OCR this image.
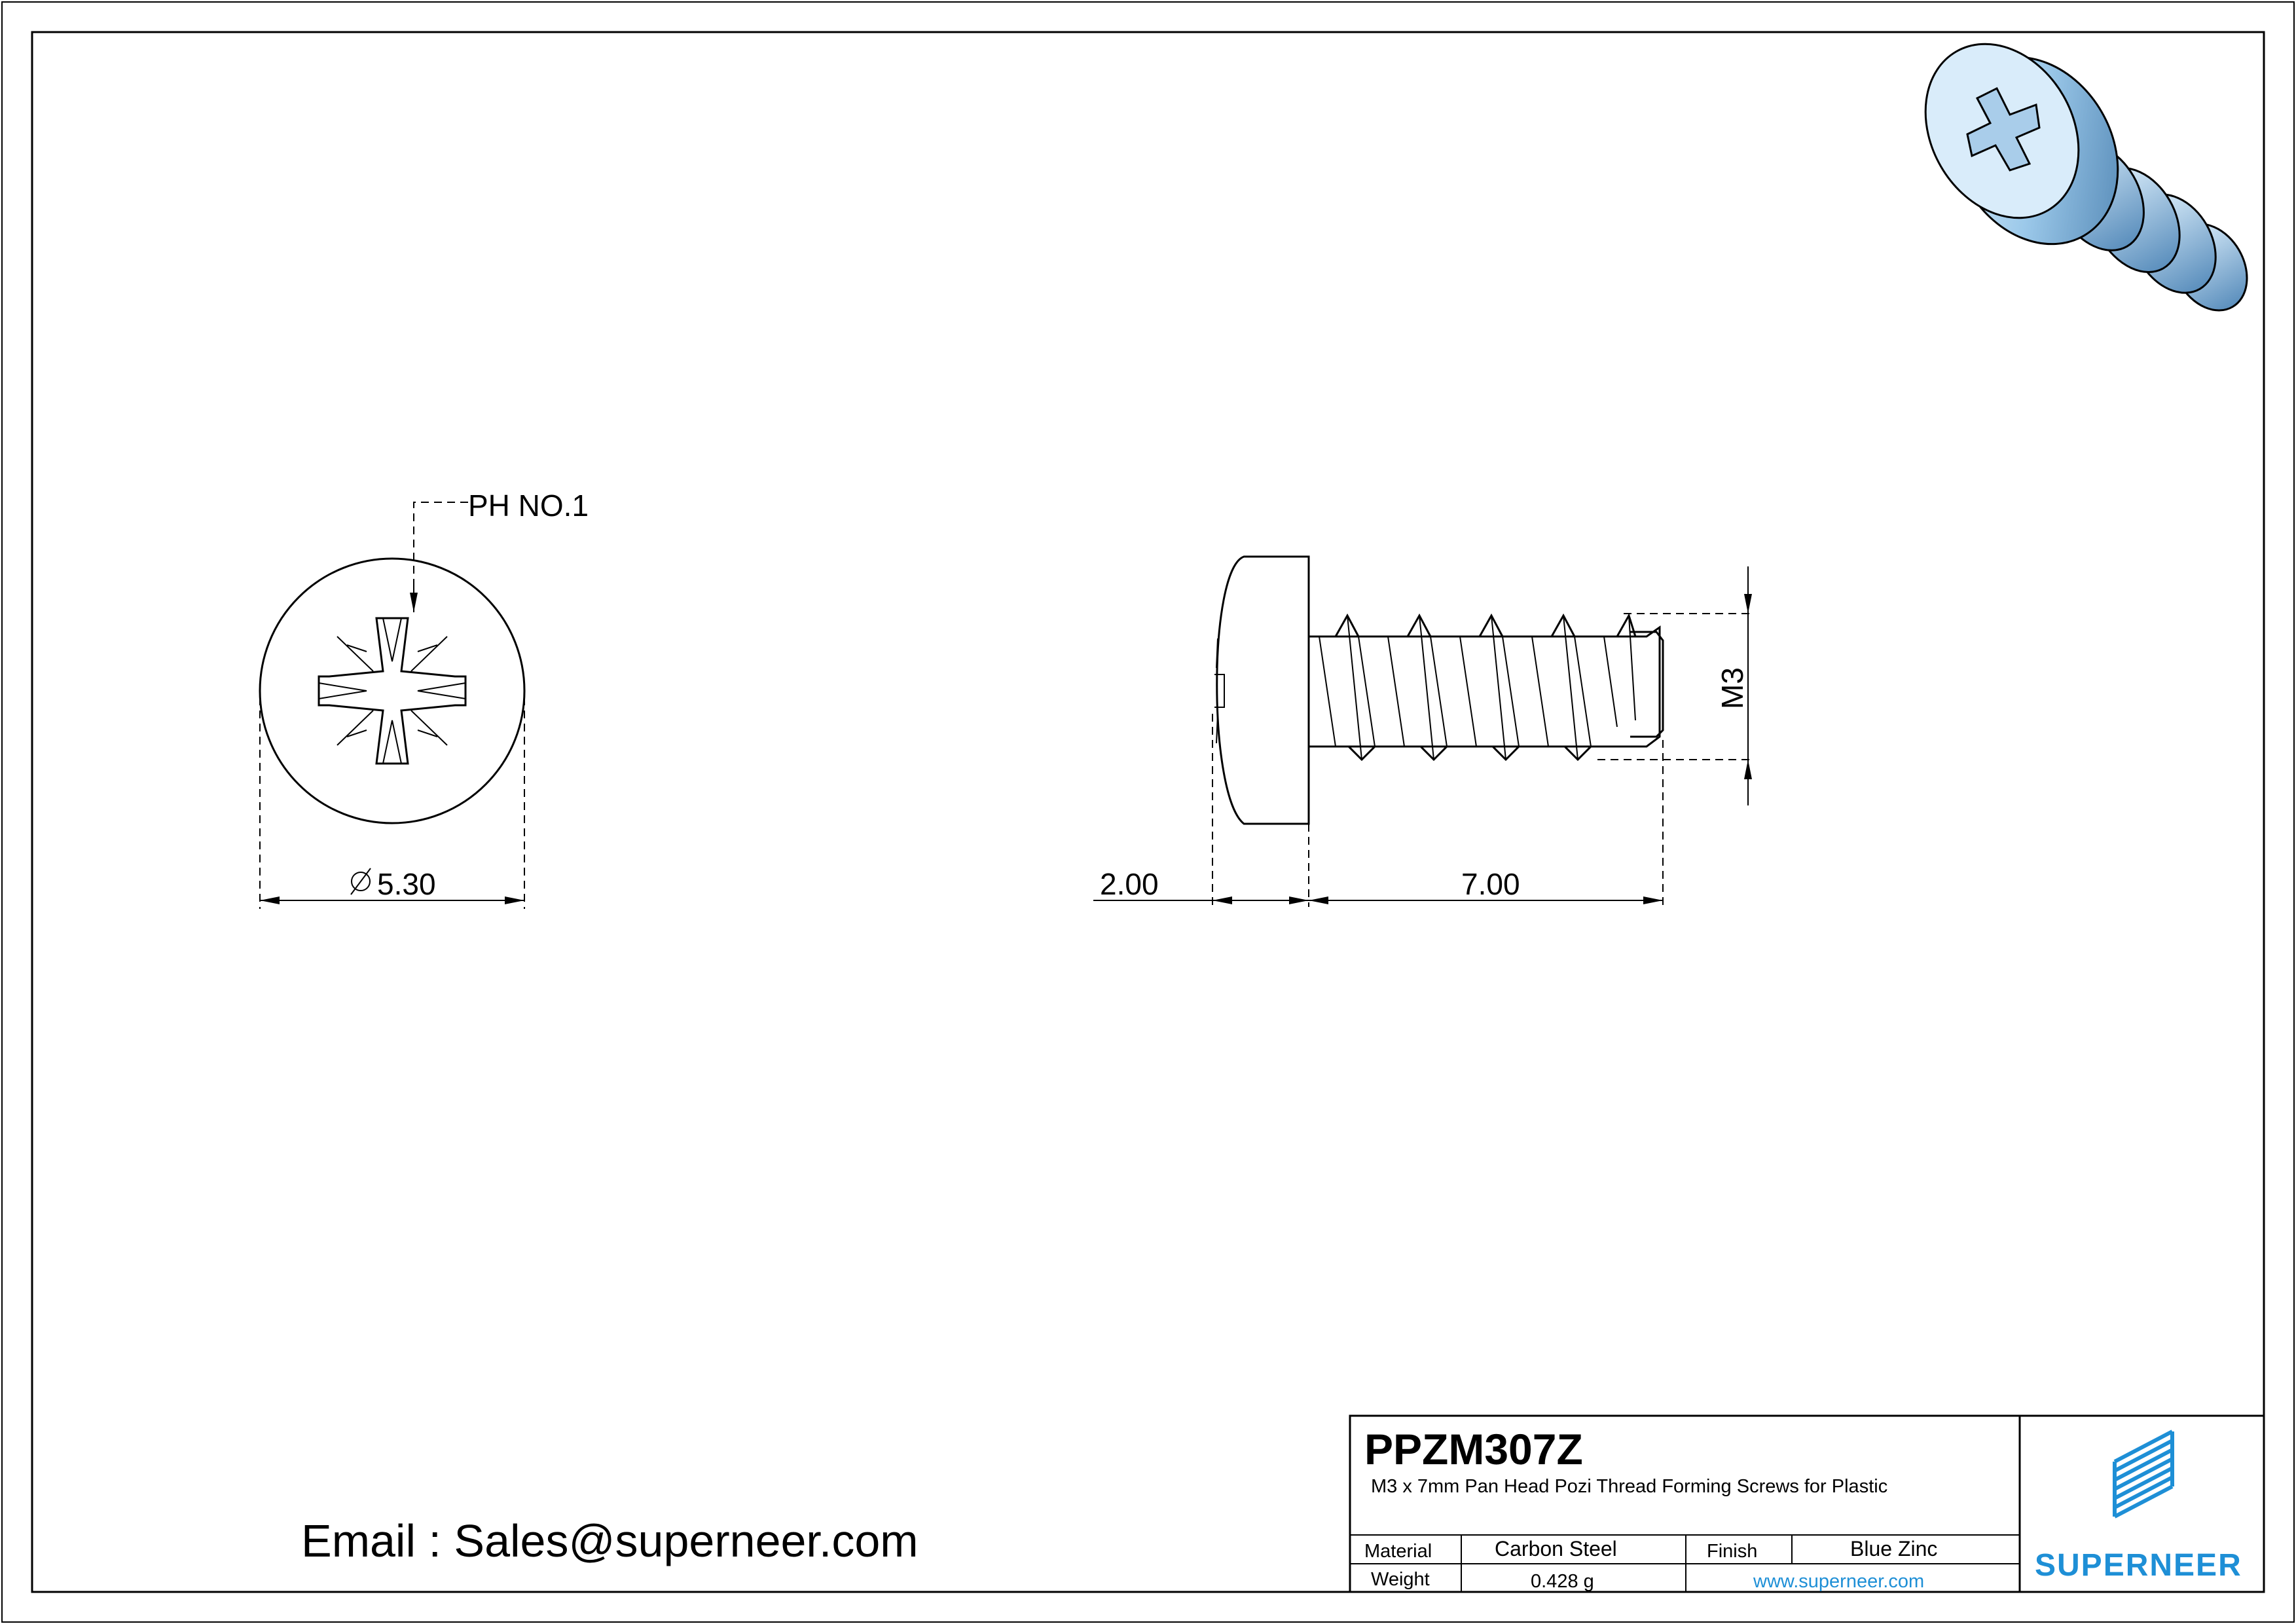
PH NO.1
5.30
M3
2.00	7.00
PPZM307Z
M3 x 7mm Pan Head Pozi Thread Forming Screws for Plastic
Material	Carbon Steel	Finish	Blue Zinc
Weight	0.428 g	www.superneer.com	SUPERNEER
Email : Sales@superneer.com
